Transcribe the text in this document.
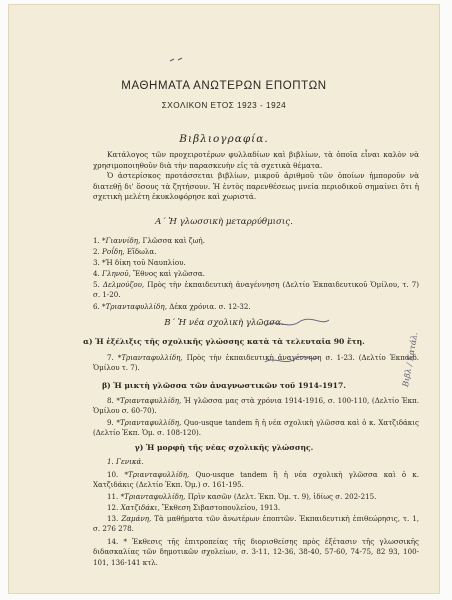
ΜΑΘΗΜΑΤΑ ΑΝΩΤΕΡΩΝ ΕΠΟΠΤΩΝ
ΣΧΟΛΙΚΟΝ ΕΤΟΣ 1923 - 1924
Βιβλιογραφία.

Κατάλογος τῶν προχειροτέρων φυλλαδίων καὶ βιβλίων, τὰ ὁποῖα εἶναι καλὸν νὰ χρησιμοποιηθοῦν διὰ τὴν παρασκευὴν εἰς τὰ σχετικὰ θέματα.

Ὁ ἀστερίσκος προτάσσεται βιβλίων, μικροῦ ἀριθμοῦ τῶν ὁποίων ἠμποροῦν νὰ διατεθῇ δι' ὅσους τὰ ζητήσουν. Ἡ ἐντὸς παρενθέσεως μνεία περιοδικοῦ σημαίνει ὅτι ἡ σχετικὴ μελέτη ἐκυκλοφόρησε καὶ χωριστά.

Α΄ Ἡ γλωσσικὴ μεταρρύθμισις.
1. *Γιαννίδη, Γλῶσσα καὶ ζωή.
2. Ροΐδη, Εἴδωλα.
3. *Ἡ δίκη τοῦ Ναυπλίου.
4. Γληνοῦ, Ἔθνος καὶ γλῶσσα.
5. Δελμούζου, Πρὸς τὴν ἐκπαιδευτικὴ ἀναγέννηση (Δελτίο Ἐκπαιδευτικοῦ Ὁμίλου, τ. 7) σ. 1-20.
6. *Τριανταφυλλίδη, Δέκα χρόνια. σ. 12-32.
Β΄ Ἡ νέα σχολικὴ γλῶσσα.
α) Ἡ ἐξέλιξις τῆς σχολικῆς γλώσσης κατὰ τὰ τελευταῖα 90 ἔτη.
7. *Τριανταφυλλίδη, Πρὸς τὴν ἐκπαιδευτικὴ ἀναγέννηση σ. 1-23. (Δελτίο Ἐκπαιδ. Ὁμίλου τ. 7).
β) Ἡ μικτὴ γλῶσσα τῶν ἀναγνωστικῶν τοῦ 1914-1917.
8. *Τριανταφυλλίδη, Ἡ γλῶσσα μας στὰ χρόνια 1914-1916, σ. 100-110, (Δελτίο Ἐκπ. Ὁμίλου σ. 60-70).
9. *Τριανταφυλλίδη, Quo-usque tandem ἢ ἡ νέα σχολικὴ γλῶσσα καὶ ὁ κ. Χατζιδάκις (Δελτίο Ἐκπ. Ὁμ. σ. 108-120).
γ) Ἡ μορφὴ τῆς νέας σχολικῆς γλώσσης.
1. Γενικά.
10. *Τριανταφυλλίδη, Quo-usque tandem ἢ ἡ νέα σχολικὴ γλῶσσα καὶ ὁ κ. Χατζιδάκις (Δελτίο Ἐκπ. Ὁμ.) σ. 161-195.
11. *Τριανταφυλλίδη, Πρὶν κασῶν (Δελτ. Ἐκπ. Ὁμ. τ. 9), ἰδίως σ. 202-215.
12. Χατζιδάκι, Ἔκθεση Σιβαστοπουλείου, 1913.
13. Ζαμάνη, Τὰ μαθήματα τῶν ἀνωτέρων ἐποπτῶν. Ἐκπαιδευτικὴ ἐπιθεώρησις, τ. 1, σ. 276 278.
14. * Ἐκθεσις τῆς ἐπιτροπείας τῆς διορισθείσης πρὸς ἐξέτασιν τῆς γλωσσικῆς διδασκαλίας τῶν δημοτικῶν σχολείων, σ. 3-11, 12-36, 38-40, 57-60, 74-75, 82 93, 100-101, 136-141 κτλ.
Βιβλ / Κατάλ.
